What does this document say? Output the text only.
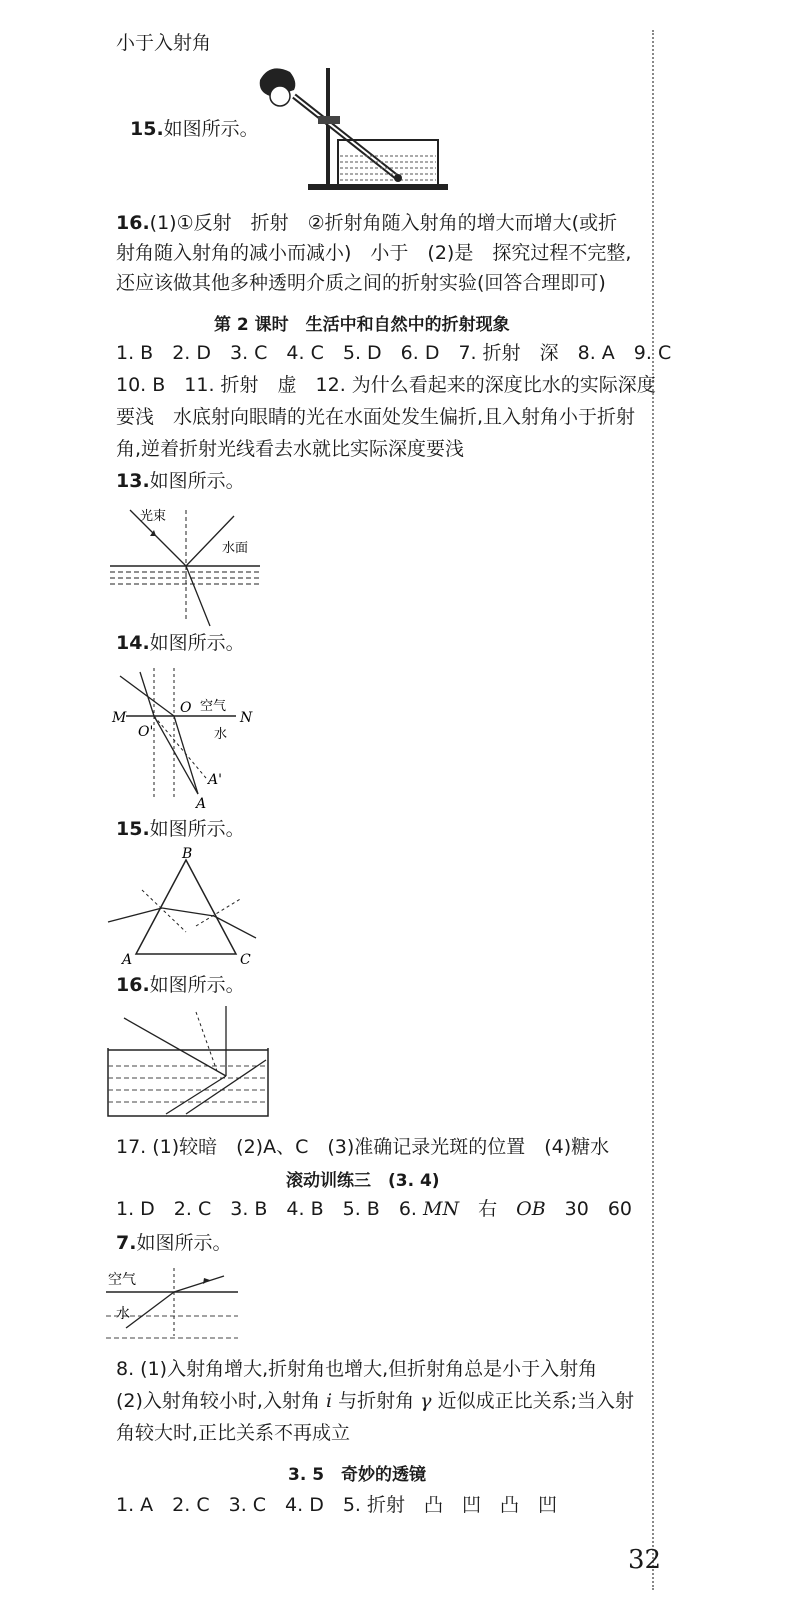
小于入射角
15.如图所示。
16.(1)①反射　折射　②折射角随入射角的增大而增大(或折
射角随入射角的减小而减小)　小于　(2)是　探究过程不完整,
还应该做其他多种透明介质之间的折射实验(回答合理即可)
第 2 课时　生活中和自然中的折射现象
1. B　2. D　3. C　4. C　5. D　6. D　7. 折射　深　8. A　9. C
10. B　11. 折射　虚　12. 为什么看起来的深度比水的实际深度
要浅　水底射向眼睛的光在水面处发生偏折,且入射角小于折射
角,逆着折射光线看去水就比实际深度要浅
13.如图所示。
光束
水面
14.如图所示。
M	N
O
O'
空气
水
A
A'
15.如图所示。
B
A	C
16.如图所示。
17. (1)较暗　(2)A、C　(3)准确记录光斑的位置　(4)糖水
滚动训练三　(3. 4)
1. D　2. C　3. B　4. B　5. B　6. MN　右　OB　30　60
7.如图所示。
空气
水
8. (1)入射角增大,折射角也增大,但折射角总是小于入射角
(2)入射角较小时,入射角 i 与折射角 γ 近似成正比关系;当入射
角较大时,正比关系不再成立
3. 5　奇妙的透镜
1. A　2. C　3. C　4. D　5. 折射　凸　凹　凸　凹
32
